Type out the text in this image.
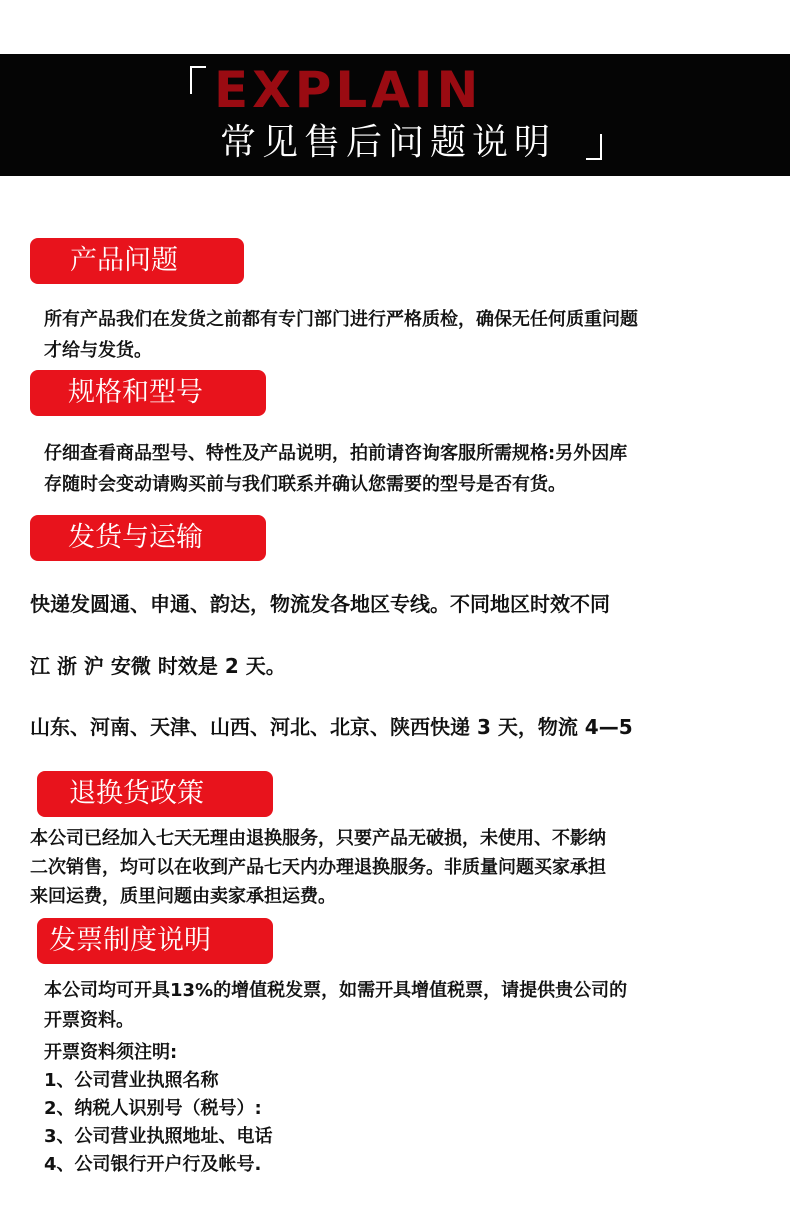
EXPLAIN
常见售后问题说明
产品问题
所有产品我们在发货之前都有专门部门进行严格质检，确保无任何质重问题
才给与发货。
规格和型号
仔细查看商品型号、特性及产品说明，拍前请咨询客服所需规格:另外因库
存随时会变动请购买前与我们联系并确认您需要的型号是否有货。
发货与运输
快递发圆通、申通、韵达，物流发各地区专线。不同地区时效不同
江 浙 沪 安微 时效是 2 天。
山东、河南、天津、山西、河北、北京、陕西快递 3 天，物流 4—5
退换货政策
本公司已经加入七天无理由退换服务，只要产品无破损，未使用、不影纳
二次销售，均可以在收到产品七天内办理退换服务。非质量问题买家承担
来回运费，质里问题由卖家承担运费。
发票制度说明
本公司均可开具13%的增值税发票，如需开具增值税票，请提供贵公司的
开票资料。
开票资料须注明:
1、公司营业执照名称
2、纳税人识别号（税号）:
3、公司营业执照地址、电话
4、公司银行开户行及帐号.
